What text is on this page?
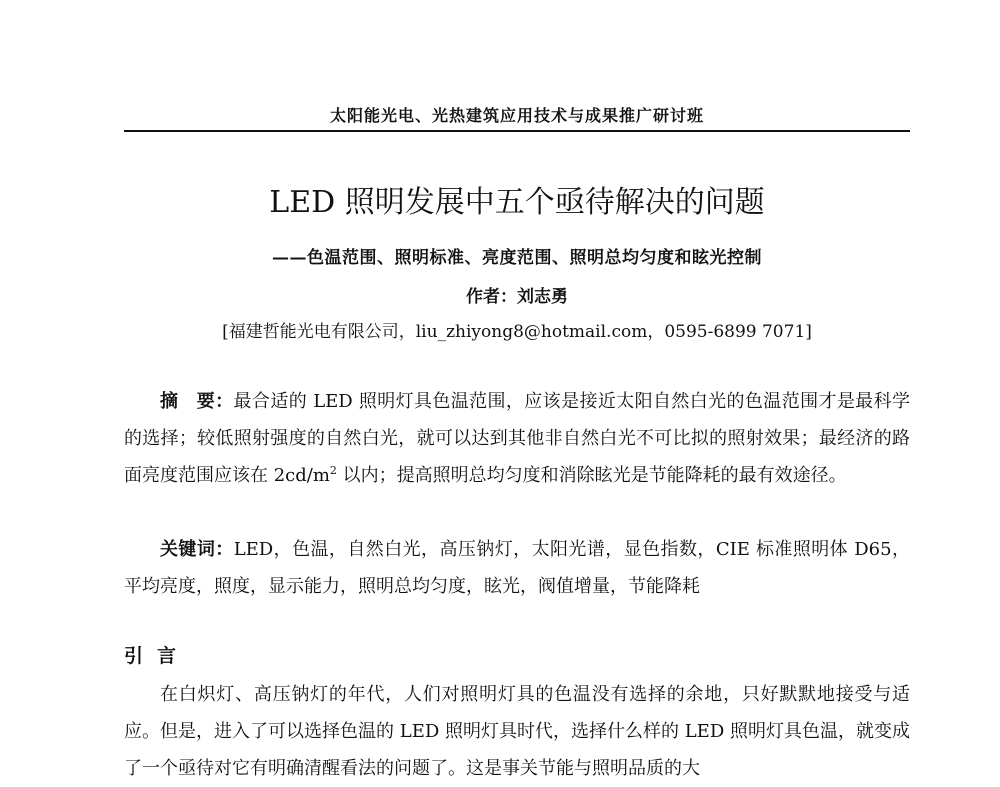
太阳能光电、光热建筑应用技术与成果推广研讨班
LED 照明发展中五个亟待解决的问题
——色温范围、照明标准、亮度范围、照明总均匀度和眩光控制
作者：刘志勇
[福建哲能光电有限公司，liu_zhiyong8@hotmail.com，0595-6899 7071]
摘　要：最合适的 LED 照明灯具色温范围，应该是接近太阳自然白光的色温范围才是最科学的选择；较低照射强度的自然白光，就可以达到其他非自然白光不可比拟的照射效果；最经济的路面亮度范围应该在 $2cd/m^2$ 以内；提高照明总均匀度和消除眩光是节能降耗的最有效途径。
关键词：LED，色温，自然白光，高压钠灯，太阳光谱，显色指数，CIE 标准照明体 D65，平均亮度，照度，显示能力，照明总均匀度，眩光，阀值增量，节能降耗
引言
在白炽灯、高压钠灯的年代，人们对照明灯具的色温没有选择的余地，只好默默地接受与适应。但是，进入了可以选择色温的 LED 照明灯具时代，选择什么样的 LED 照明灯具色温，就变成了一个亟待对它有明确清醒看法的问题了。这是事关节能与照明品质的大
